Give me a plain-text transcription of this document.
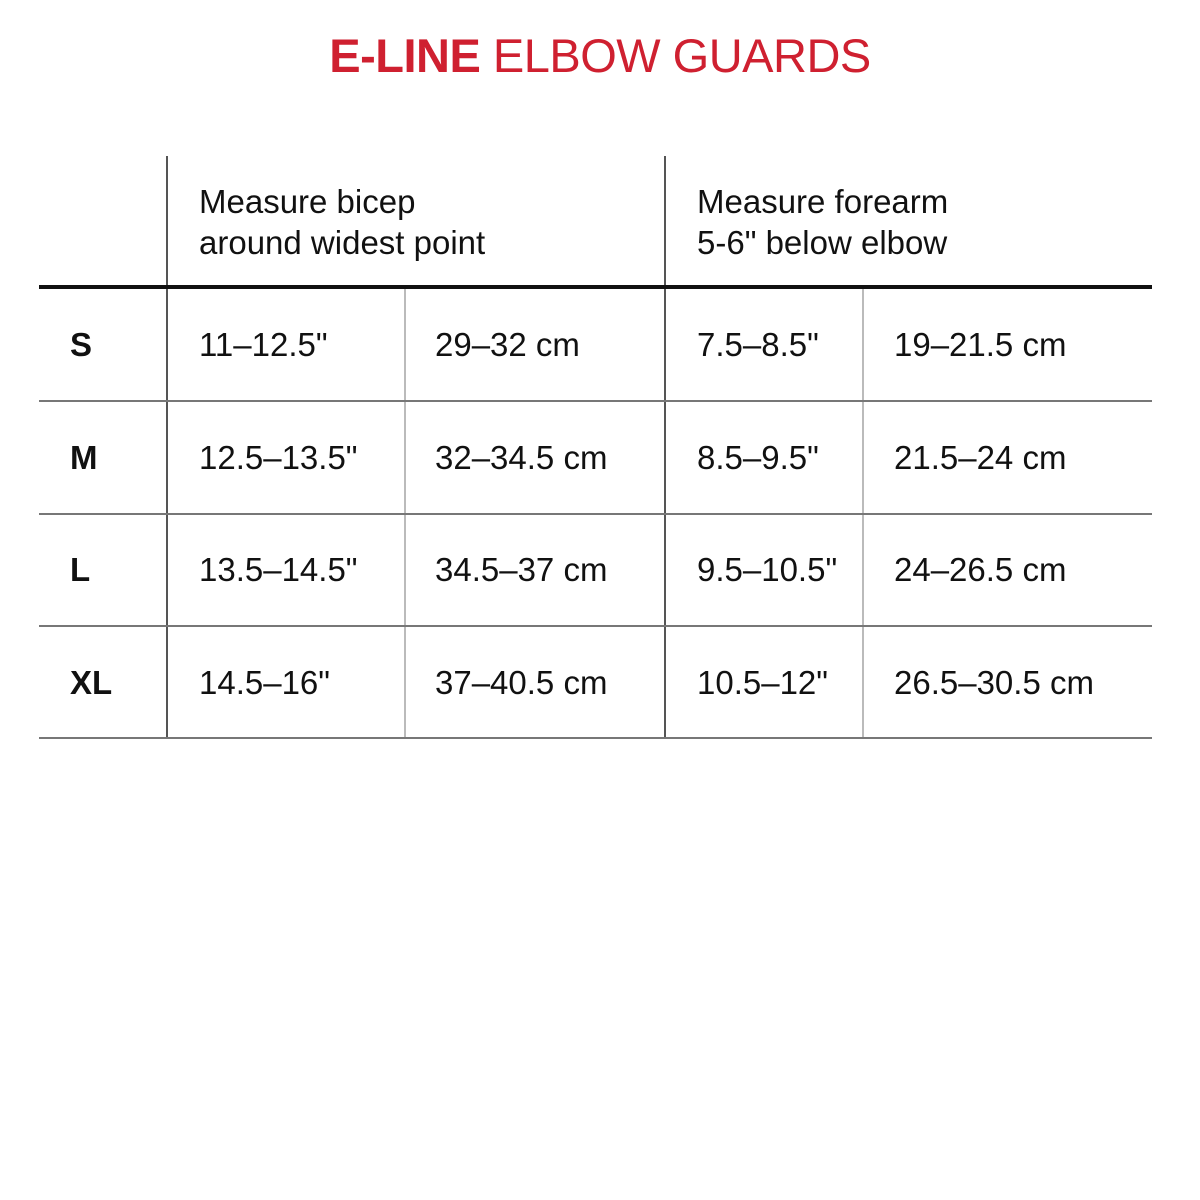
E-LINE ELBOW GUARDS
Measure bicep
around widest point
Measure forearm
5-6" below elbow
S	11–12.5"	29–32 cm	7.5–8.5" 19–21.5 cm
M	12.5–13.5" 32–34.5 cm	8.5–9.5" 21.5–24 cm
L	13.5–14.5" 34.5–37 cm	9.5–10.5" 24–26.5 cm
XL	14.5–16"	37–40.5 cm	10.5–12" 26.5–30.5 cm
